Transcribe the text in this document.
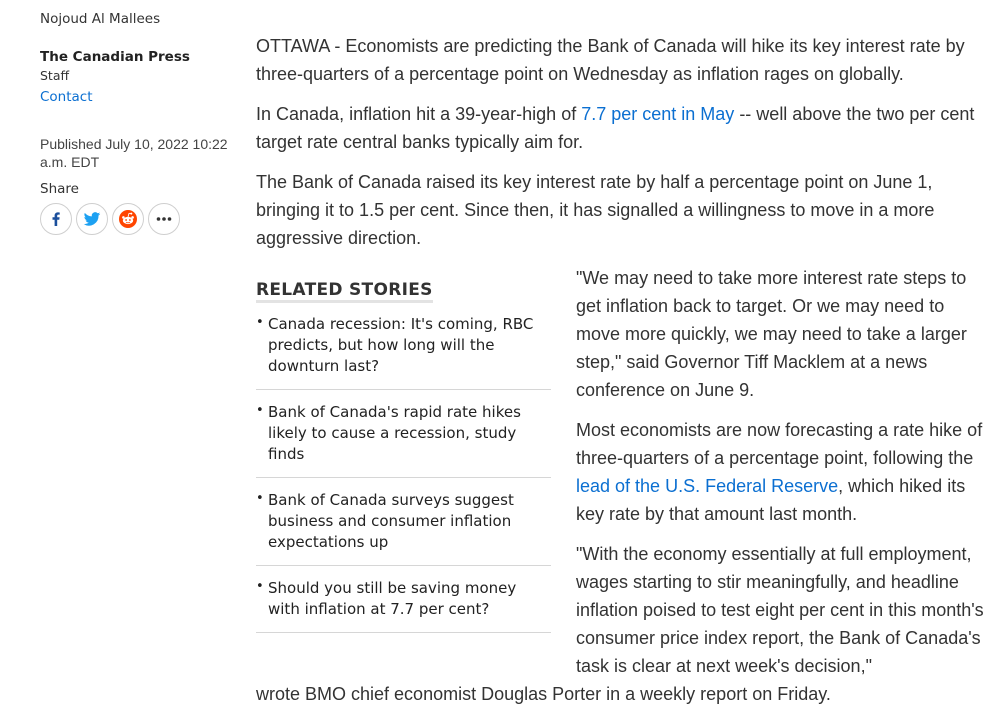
Nojoud Al Mallees
The Canadian Press
Staff
Contact
Published July 10, 2022 10:22 a.m. EDT
Share

OTTAWA - Economists are predicting the Bank of Canada will hike its key interest rate by three-quarters of a percentage point on Wednesday as inflation rages on globally.

In Canada, inflation hit a 39-year-high of 7.7 per cent in May -- well above the two per cent target rate central banks typically aim for.

The Bank of Canada raised its key interest rate by half a percentage point on June 1, bringing it to 1.5 per cent. Since then, it has signalled a willingness to move in a more aggressive direction.

"We may need to take more interest rate steps to get inflation back to target. Or we may need to move more quickly, we may need to take a larger step," said Governor Tiff Macklem at a news conference on June 9.

Most economists are now forecasting a rate hike of three-quarters of a percentage point, following the lead of the U.S. Federal Reserve, which hiked its key rate by that amount last month.

"With the economy essentially at full employment, wages starting to stir meaningfully, and headline inflation poised to test eight per cent in this month's consumer price index report, the Bank of Canada's task is clear at next week's decision,"

wrote BMO chief economist Douglas Porter in a weekly report on Friday.

RELATED STORIES
• Canada recession: It's coming, RBC predicts, but how long will the downturn last?
• Bank of Canada's rapid rate hikes likely to cause a recession, study finds
• Bank of Canada surveys suggest business and consumer inflation expectations up
• Should you still be saving money with inflation at 7.7 per cent?
